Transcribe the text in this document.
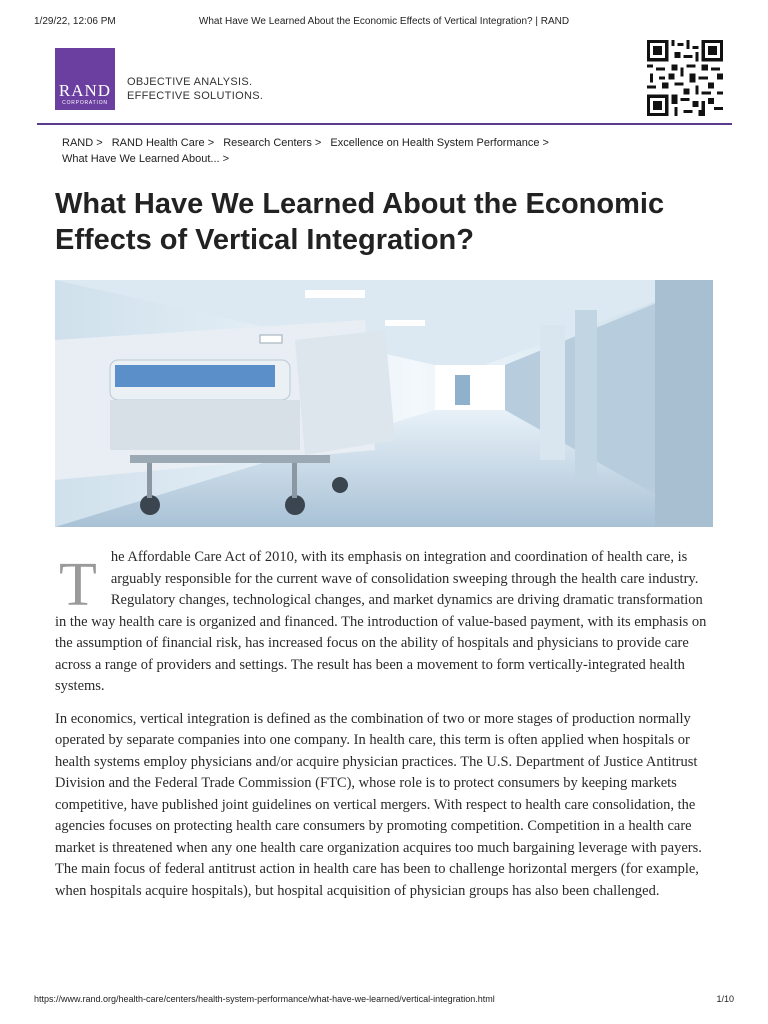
1/29/22, 12:06 PM	What Have We Learned About the Economic Effects of Vertical Integration? | RAND
RAND
CORPORATION
OBJECTIVE ANALYSIS.
EFFECTIVE SOLUTIONS.
RAND > RAND Health Care > Research Centers > Excellence on Health System Performance >
What Have We Learned About... >
What Have We Learned About the Economic Effects of Vertical Integration?

The Affordable Care Act of 2010, with its emphasis on integration and coordination of health care, is arguably responsible for the current wave of consolidation sweeping through the health care industry. Regulatory changes, technological changes, and market dynamics are driving dramatic transformation in the way health care is organized and financed. The introduction of value-based payment, with its emphasis on the assumption of financial risk, has increased focus on the ability of hospitals and physicians to provide care across a range of providers and settings. The result has been a movement to form vertically-integrated health systems.

In economics, vertical integration is defined as the combination of two or more stages of production normally operated by separate companies into one company. In health care, this term is often applied when hospitals or health systems employ physicians and/or acquire physician practices. The U.S. Department of Justice Antitrust Division and the Federal Trade Commission (FTC), whose role is to protect consumers by keeping markets competitive, have published joint guidelines on vertical mergers. With respect to health care consolidation, the agencies focuses on protecting health care consumers by promoting competition. Competition in a health care market is threatened when any one health care organization acquires too much bargaining leverage with payers. The main focus of federal antitrust action in health care has been to challenge horizontal mergers (for example, when hospitals acquire hospitals), but hospital acquisition of physician groups has also been challenged.

https://www.rand.org/health-care/centers/health-system-performance/what-have-we-learned/vertical-integration.html	1/10
